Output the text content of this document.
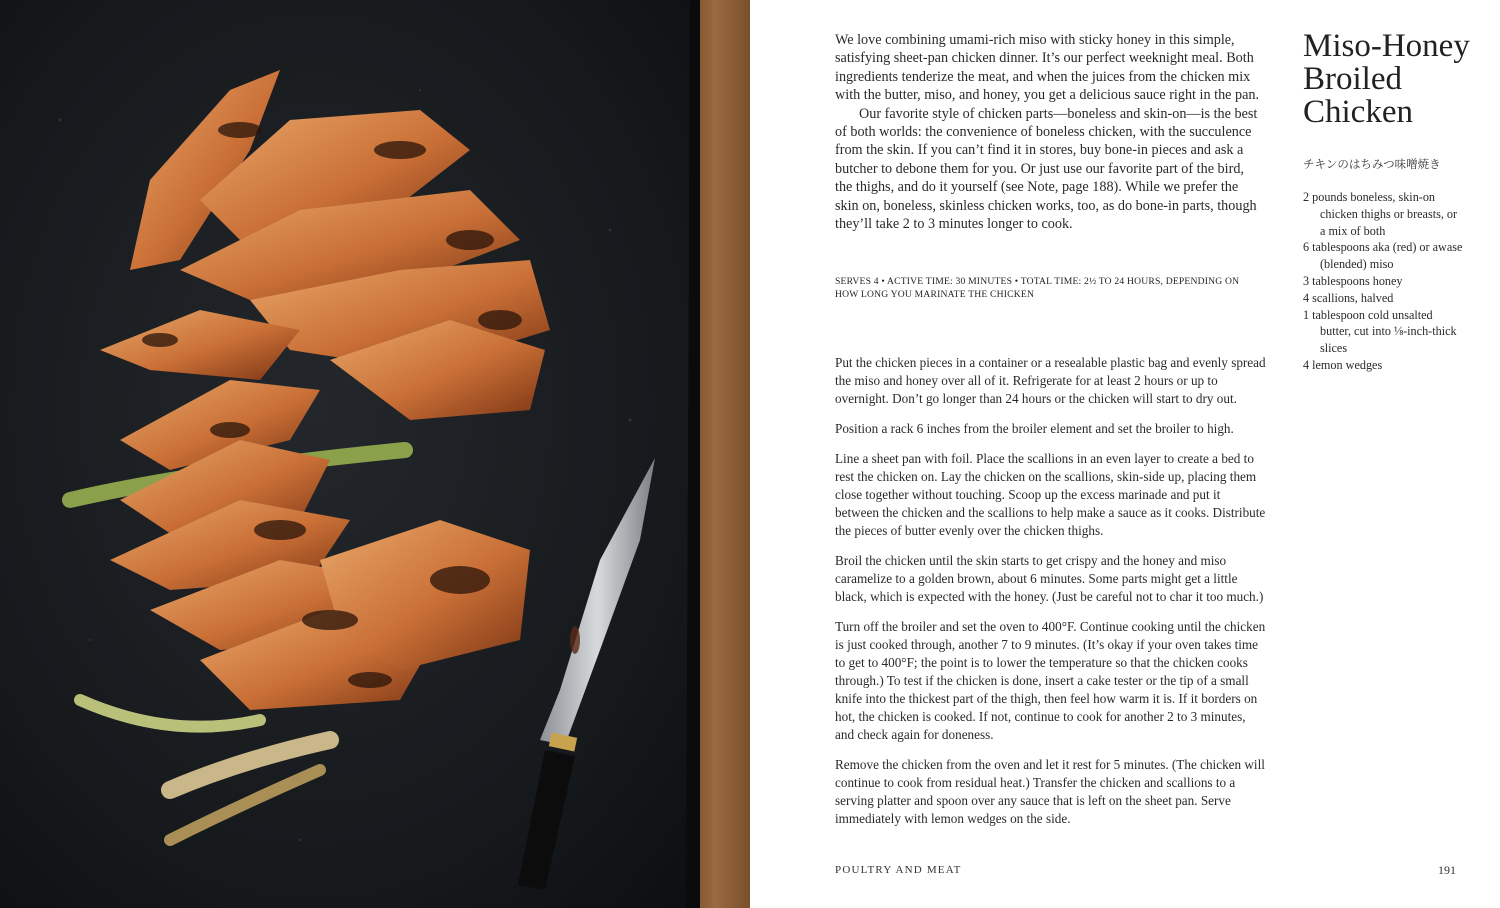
We love combining umami-rich miso with sticky honey in this simple, satisfying sheet-pan chicken dinner. It’s our perfect weeknight meal. Both ingredients tenderize the meat, and when the juices from the chicken mix with the butter, miso, and honey, you get a delicious sauce right in the pan.

Our favorite style of chicken parts—boneless and skin-on—is the best of both worlds: the convenience of boneless chicken, with the succulence from the skin. If you can’t find it in stores, buy bone-in pieces and ask a butcher to debone them for you. Or just use our favorite part of the bird, the thighs, and do it yourself (see Note, page 188). While we prefer the skin on, boneless, skinless chicken works, too, as do bone-in parts, though they’ll take 2 to 3 minutes longer to cook.

SERVES 4 • ACTIVE TIME: 30 MINUTES • TOTAL TIME: 2½ TO 24 HOURS, DEPENDING ON HOW LONG YOU MARINATE THE CHICKEN

Put the chicken pieces in a container or a resealable plastic bag and evenly spread the miso and honey over all of it. Refrigerate for at least 2 hours or up to overnight. Don’t go longer than 24 hours or the chicken will start to dry out.

Position a rack 6 inches from the broiler element and set the broiler to high.

Line a sheet pan with foil. Place the scallions in an even layer to create a bed to rest the chicken on. Lay the chicken on the scallions, skin-side up, placing them close together without touching. Scoop up the excess marinade and put it between the chicken and the scallions to help make a sauce as it cooks. Distribute the pieces of butter evenly over the chicken thighs.

Broil the chicken until the skin starts to get crispy and the honey and miso caramelize to a golden brown, about 6 minutes. Some parts might get a little black, which is expected with the honey. (Just be careful not to char it too much.)

Turn off the broiler and set the oven to 400°F. Continue cooking until the chicken is just cooked through, another 7 to 9 minutes. (It’s okay if your oven takes time to get to 400°F; the point is to lower the temperature so that the chicken cooks through.) To test if the chicken is done, insert a cake tester or the tip of a small knife into the thickest part of the thigh, then feel how warm it is. If it borders on hot, the chicken is cooked. If not, continue to cook for another 2 to 3 minutes, and check again for doneness.

Remove the chicken from the oven and let it rest for 5 minutes. (The chicken will continue to cook from residual heat.) Transfer the chicken and scallions to a serving platter and spoon over any sauce that is left on the sheet pan. Serve immediately with lemon wedges on the side.

Miso-Honey
Broiled
Chicken
チキンのはちみつ味噌焼き
2 pounds boneless, skin-on chicken thighs or breasts, or a mix of both
6 tablespoons aka (red) or awase (blended) miso
3 tablespoons honey
4 scallions, halved
1 tablespoon cold unsalted butter, cut into ⅛-inch-thick slices
4 lemon wedges
POULTRY AND MEAT	191
